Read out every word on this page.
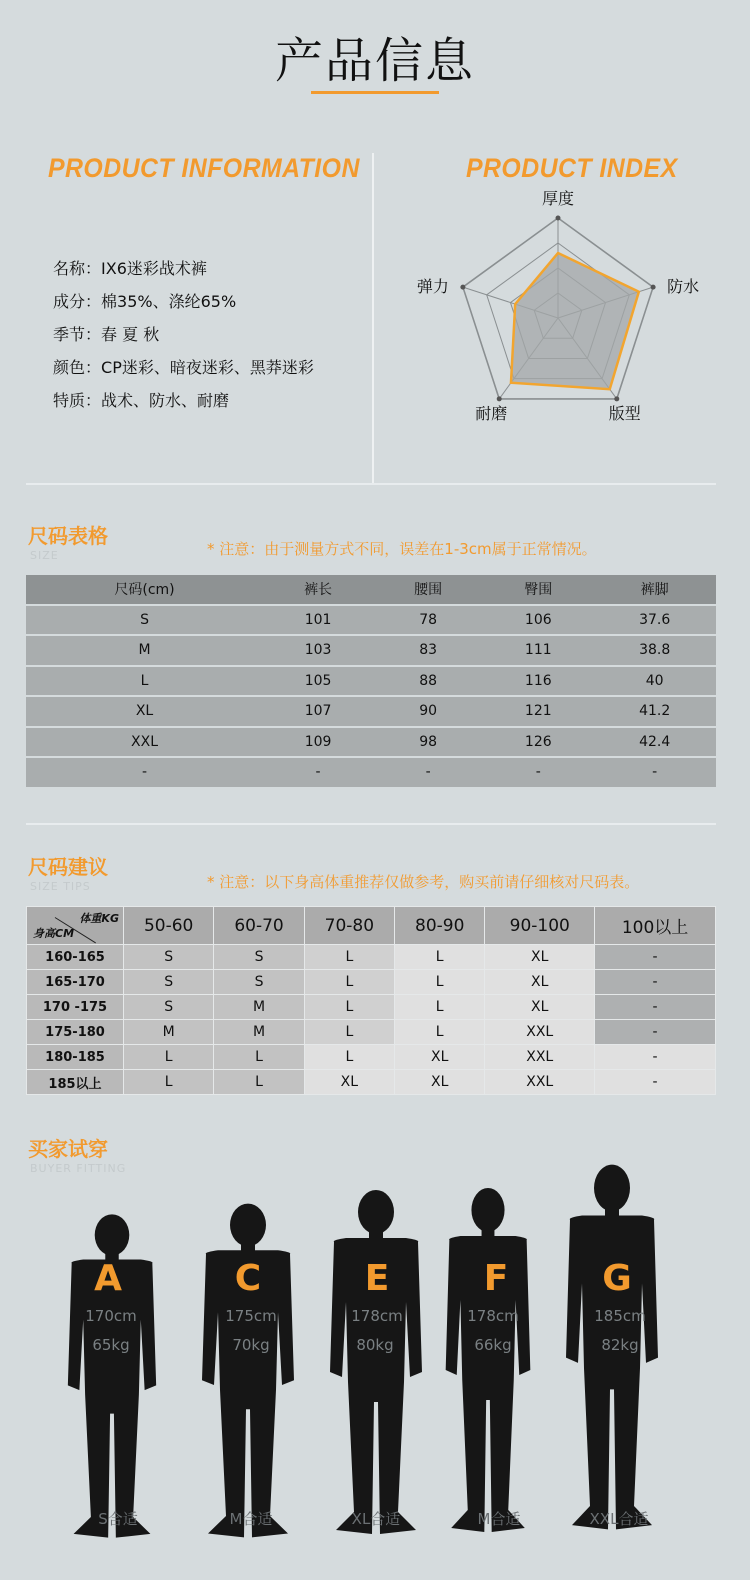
产品信息
PRODUCT INFORMATION
名称：IX6迷彩战术裤
成分：棉35%、涤纶65%
季节：春 夏 秋
颜色：CP迷彩、暗夜迷彩、黑莽迷彩
特质：战术、防水、耐磨
PRODUCT INDEX
厚度
防水
版型
耐磨
弹力
尺码表格
SIZE	* 注意：由于测量方式不同，误差在1-3cm属于正常情况。
尺码(cm)	裤长	腰围	臀围	裤脚
S	101	78	106	37.6
M	103	83	111	38.8
L	105	88	116	40
XL	107	90	121	41.2
XXL	109	98	126	42.4
-	-	-	-	-
尺码建议
SIZE TIPS	* 注意：以下身高体重推荐仅做参考，购买前请仔细核对尺码表。
体重KG
身高CM	50-60	60-70	70-80	80-90	90-100	100以上
160-165	S	S	L	L	XL	-
165-170	S	S	L	L	XL	-
170 -175	S	M	L	L	XL	-
175-180	M	M	L	L	XXL	-
180-185	L	L	L	XL	XXL	-
185以上	L	L	XL	XL	XXL	-
买家试穿
BUYER FITTING
A
170cm
65kg
S合适
C
175cm
70kg
M合适
E
178cm
80kg
XL合适
F
178cm
66kg
M合适
G
185cm
82kg
XXL合适
